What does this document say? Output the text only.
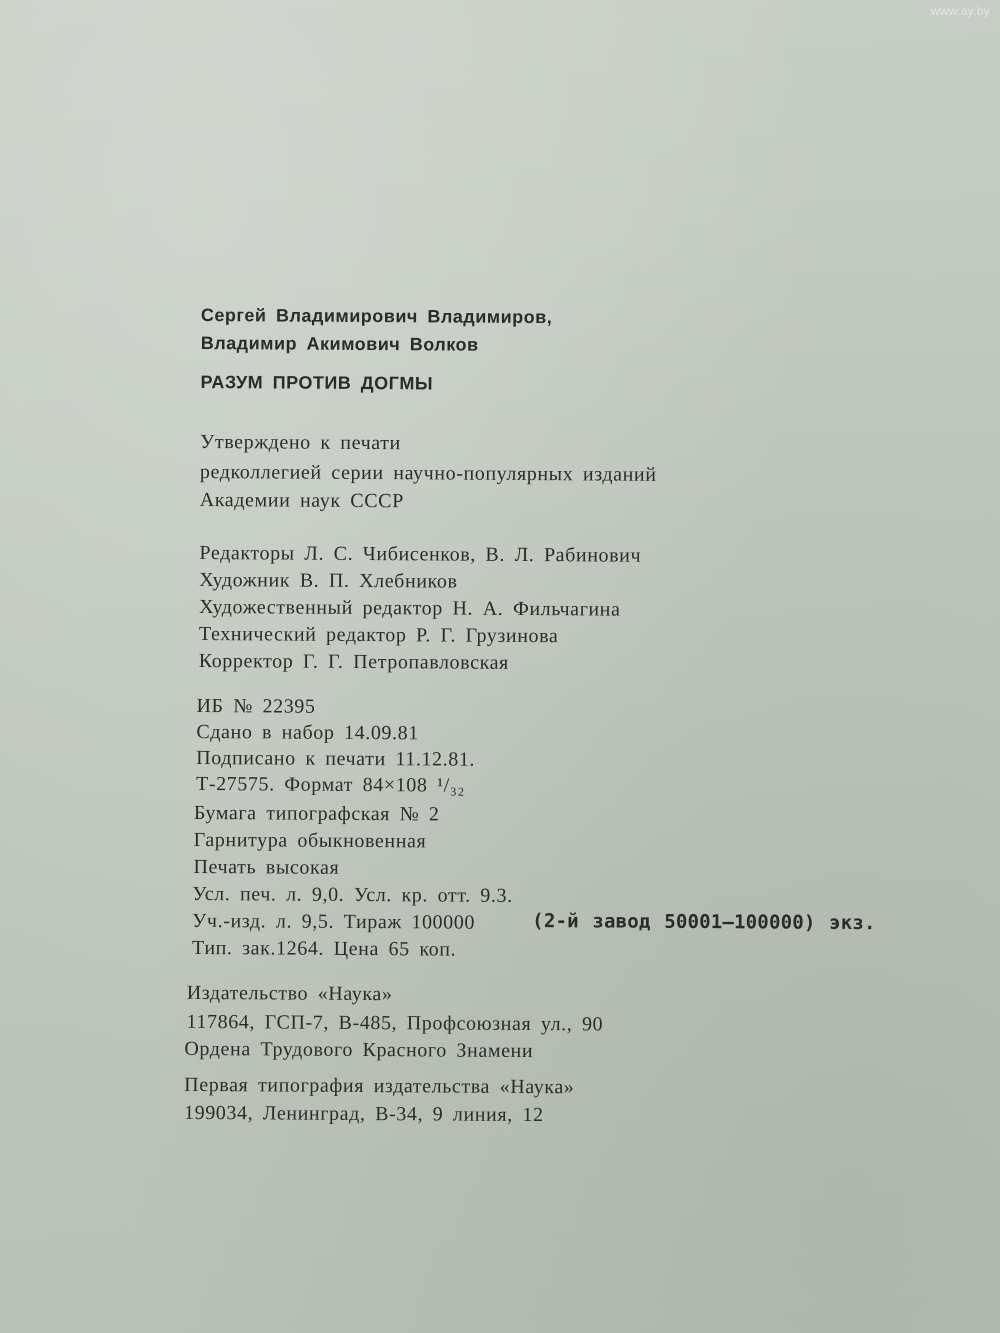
www.ay.by
Сергей Владимирович Владимиров,
Владимир Акимович Волков
РАЗУМ ПРОТИВ ДОГМЫ
Утверждено к печати
редколлегией серии научно-популярных изданий
Академии наук СССР
Редакторы Л. С. Чибисенков, В. Л. Рабинович
Художник В. П. Хлебников
Художественный редактор Н. А. Фильчагина
Технический редактор Р. Г. Грузинова
Корректор Г. Г. Петропавловская
ИБ № 22395
Сдано в набор 14.09.81
Подписано к печати 11.12.81.
Т-27575. Формат 84×108 ¹/₃₂
Бумага типографская № 2
Гарнитура обыкновенная
Печать высокая
Усл. печ. л. 9,0. Усл. кр. отт. 9.3.
Уч.-изд. л. 9,5. Тираж 100000	(2-й завод 50001—100000) экз.
Тип. зак.1264. Цена 65 коп.
Издательство «Наука»
117864, ГСП-7, В-485, Профсоюзная ул., 90
Ордена Трудового Красного Знамени
Первая типография издательства «Наука»
199034, Ленинград, В-34, 9 линия, 12
